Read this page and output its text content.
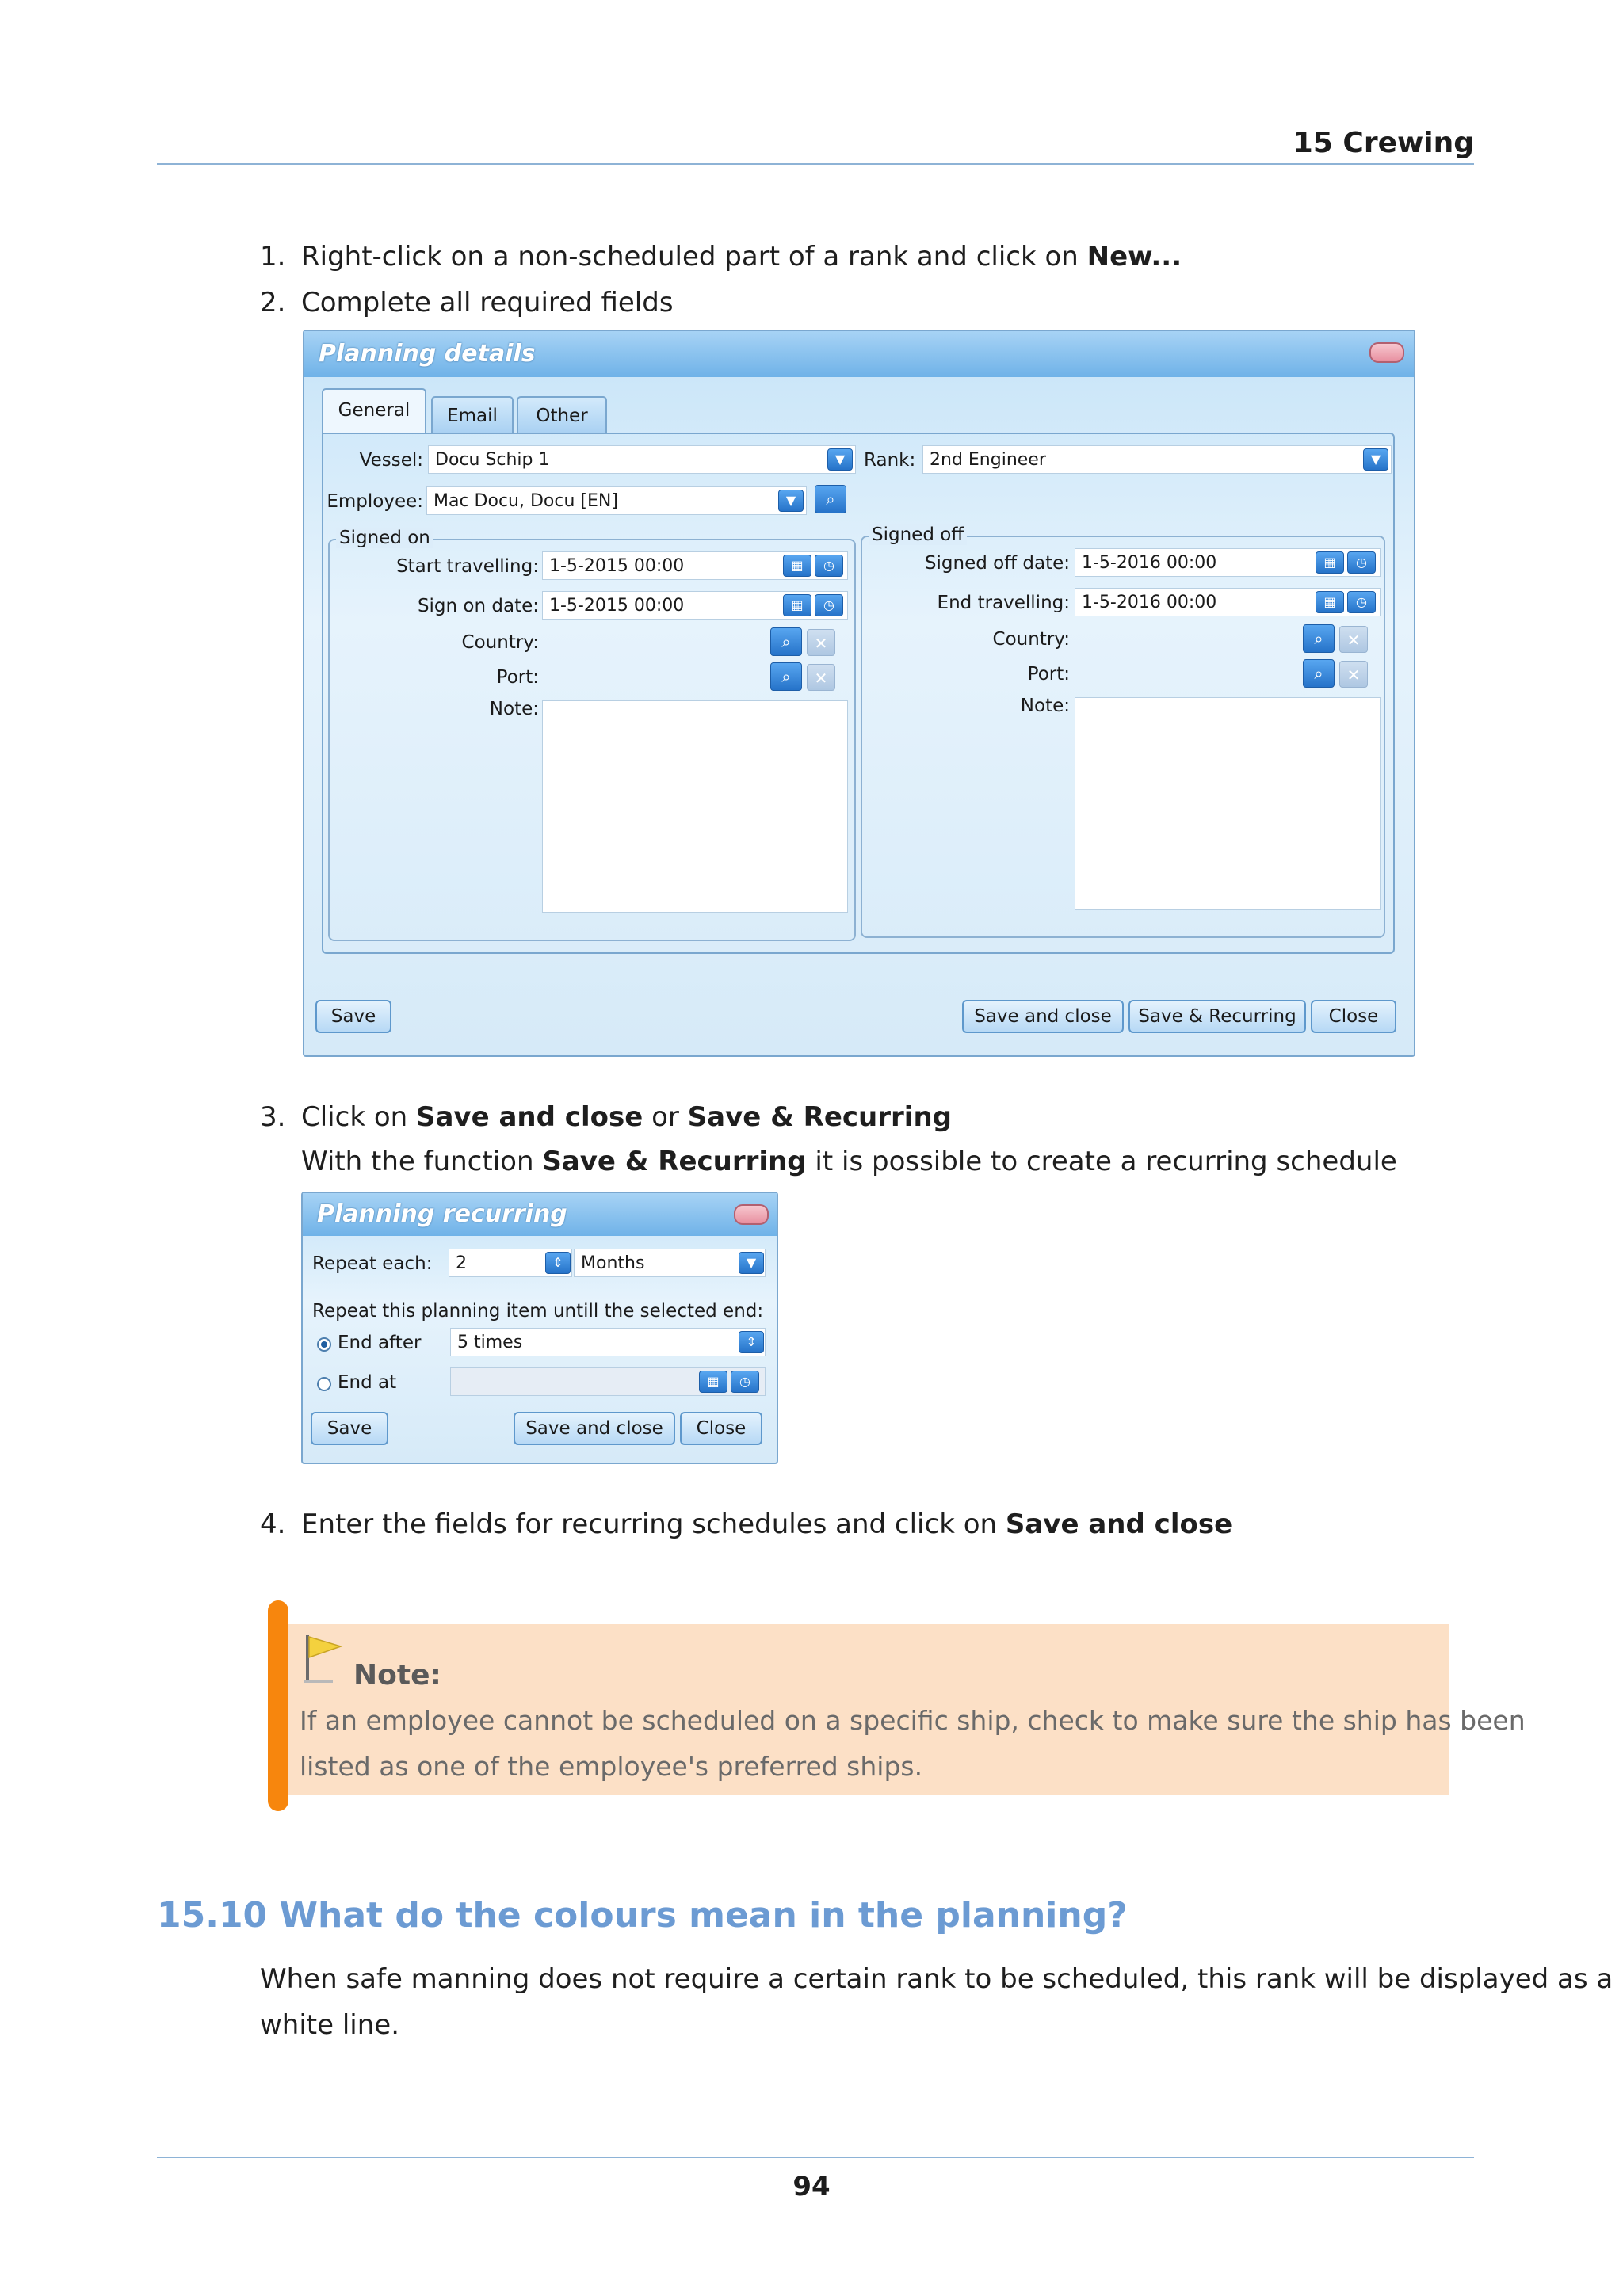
15 Crewing
1. Right-click on a non-scheduled part of a rank and click on New...
2. Complete all required fields
Planning details
General	Email	Other
Vessel: Docu Schip 1	▼	Rank: 2nd Engineer	▼
Employee: Mac Docu, Docu [EN]	▼	⌕
Signed on
Start travelling: 1-5-2015 00:00	▦	◷
Sign on date: 1-5-2015 00:00	▦	◷
Country:	⌕	✕
Port:	⌕	✕
Note:
Signed off
Signed off date: 1-5-2016 00:00	▦	◷
End travelling: 1-5-2016 00:00	▦	◷
Country:	⌕	✕
Port:	⌕	✕
Note:
Save	Save and close	Save & Recurring	Close
3. Click on Save and close or Save & Recurring
With the function Save & Recurring it is possible to create a recurring schedule
Planning recurring
Repeat each:	2	⇕	Months	▼
Repeat this planning item untill the selected end:
End after	5 times	⇕
End at	▦	◷
Save	Save and close	Close
4. Enter the fields for recurring schedules and click on Save and close
Note:
If an employee cannot be scheduled on a specific ship, check to make sure the ship has been
listed as one of the employee's preferred ships.
15.10 What do the colours mean in the planning?
When safe manning does not require a certain rank to be scheduled, this rank will be displayed as a
white line.
94
